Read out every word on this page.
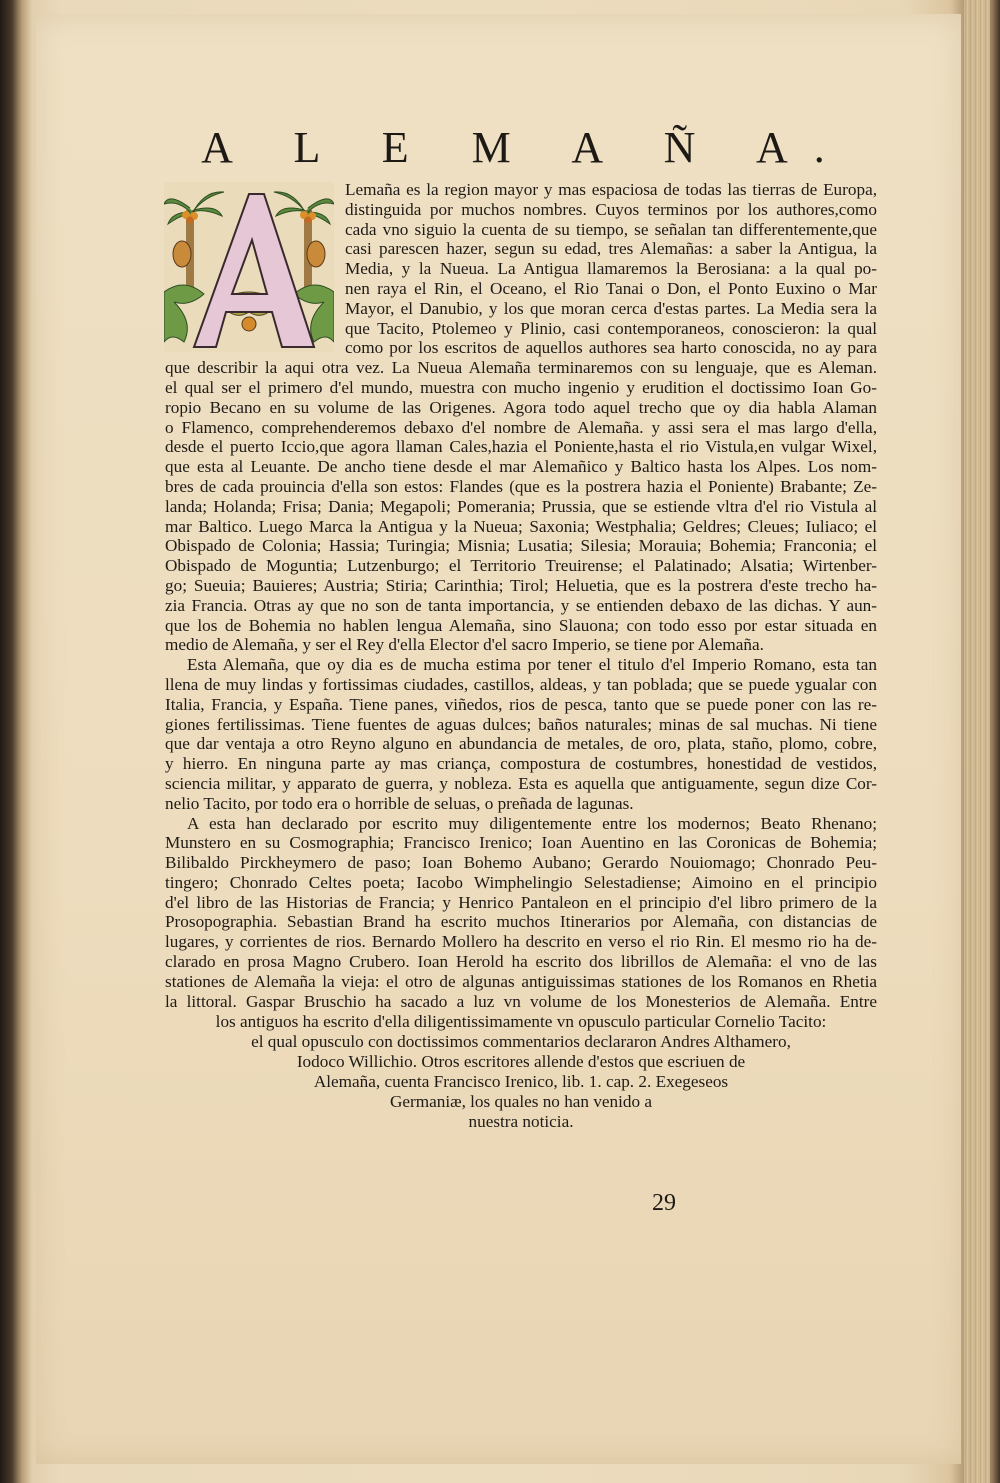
A L E M A Ñ A.
Lemaña es la region mayor y mas espaciosa de todas las tierras de Europa,
distinguida por muchos nombres. Cuyos terminos por los authores,como
cada vno siguio la cuenta de su tiempo, se señalan tan differentemente,que
casi parescen hazer, segun su edad, tres Alemañas: a saber la Antigua, la
Media, y la Nueua. La Antigua llamaremos la Berosiana: a la qual po-
nen raya el Rin, el Oceano, el Rio Tanai o Don, el Ponto Euxino o Mar
Mayor, el Danubio, y los que moran cerca d'estas partes. La Media sera la
que Tacito, Ptolemeo y Plinio, casi contemporaneos, conoscieron: la qual
como por los escritos de aquellos authores sea harto conoscida, no ay para
que describir la aqui otra vez. La Nueua Alemaña terminaremos con su lenguaje, que es Aleman.
el qual ser el primero d'el mundo, muestra con mucho ingenio y erudition el doctissimo Ioan Go-
ropio Becano en su volume de las Origenes. Agora todo aquel trecho que oy dia habla Alaman
o Flamenco, comprehenderemos debaxo d'el nombre de Alemaña. y assi sera el mas largo d'ella,
desde el puerto Iccio,que agora llaman Cales,hazia el Poniente,hasta el rio Vistula,en vulgar Wixel,
que esta al Leuante. De ancho tiene desde el mar Alemañico y Baltico hasta los Alpes. Los nom-
bres de cada prouincia d'ella son estos: Flandes (que es la postrera hazia el Poniente) Brabante; Ze-
landa; Holanda; Frisa; Dania; Megapoli; Pomerania; Prussia, que se estiende vltra d'el rio Vistula al
mar Baltico. Luego Marca la Antigua y la Nueua; Saxonia; Westphalia; Geldres; Cleues; Iuliaco; el
Obispado de Colonia; Hassia; Turingia; Misnia; Lusatia; Silesia; Morauia; Bohemia; Franconia; el
Obispado de Moguntia; Lutzenburgo; el Territorio Treuirense; el Palatinado; Alsatia; Wirtenber-
go; Sueuia; Bauieres; Austria; Stiria; Carinthia; Tirol; Heluetia, que es la postrera d'este trecho ha-
zia Francia. Otras ay que no son de tanta importancia, y se entienden debaxo de las dichas. Y aun-
que los de Bohemia no hablen lengua Alemaña, sino Slauona; con todo esso por estar situada en
medio de Alemaña, y ser el Rey d'ella Elector d'el sacro Imperio, se tiene por Alemaña.
Esta Alemaña, que oy dia es de mucha estima por tener el titulo d'el Imperio Romano, esta tan
llena de muy lindas y fortissimas ciudades, castillos, aldeas, y tan poblada; que se puede ygualar con
Italia, Francia, y España. Tiene panes, viñedos, rios de pesca, tanto que se puede poner con las re-
giones fertilissimas. Tiene fuentes de aguas dulces; baños naturales; minas de sal muchas. Ni tiene
que dar ventaja a otro Reyno alguno en abundancia de metales, de oro, plata, staño, plomo, cobre,
y hierro. En ninguna parte ay mas criança, compostura de costumbres, honestidad de vestidos,
sciencia militar, y apparato de guerra, y nobleza. Esta es aquella que antiguamente, segun dize Cor-
nelio Tacito, por todo era o horrible de seluas, o preñada de lagunas.
A esta han declarado por escrito muy diligentemente entre los modernos; Beato Rhenano;
Munstero en su Cosmographia; Francisco Irenico; Ioan Auentino en las Coronicas de Bohemia;
Bilibaldo Pirckheymero de paso; Ioan Bohemo Aubano; Gerardo Nouiomago; Chonrado Peu-
tingero; Chonrado Celtes poeta; Iacobo Wimphelingio Selestadiense; Aimoino en el principio
d'el libro de las Historias de Francia; y Henrico Pantaleon en el principio d'el libro primero de la
Prosopographia. Sebastian Brand ha escrito muchos Itinerarios por Alemaña, con distancias de
lugares, y corrientes de rios. Bernardo Mollero ha descrito en verso el rio Rin. El mesmo rio ha de-
clarado en prosa Magno Crubero. Ioan Herold ha escrito dos librillos de Alemaña: el vno de las
stationes de Alemaña la vieja: el otro de algunas antiguissimas stationes de los Romanos en Rhetia
la littoral. Gaspar Bruschio ha sacado a luz vn volume de los Monesterios de Alemaña. Entre
los antiguos ha escrito d'ella diligentissimamente vn opusculo particular Cornelio Tacito:
el qual opusculo con doctissimos commentarios declararon Andres Althamero,
Iodoco Willichio. Otros escritores allende d'estos que escriuen de
Alemaña, cuenta Francisco Irenico, lib. 1. cap. 2. Exegeseos
Germaniæ, los quales no han venido a
nuestra noticia.
29
